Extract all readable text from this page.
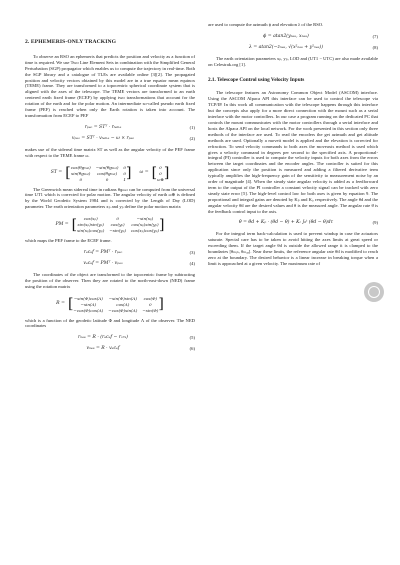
2. EPHEMERIS-ONLY TRACKING

To observe an RSO an ephemeris that predicts the position and velocity as a function of time is required. We use Two Line Element Sets in combination with the Simplified General Perturbation (SGP) propagator which enables us to compute the trajectory in real-time. Both the SGP library and a catalogue of TLEs are available online [3][2]. The propagated position and velocity vectors obtained by this model are in a true equator mean equinox (TEME) frame. They are transformed to a topocentric spherical coordinate system that is aligned with the axes of the telescope. The TEME vectors are transformed to an earth centered earth fixed frame (ECEF) by applying two transformations that account for the rotation of the earth and for the polar motion. An intermediate so-called pseudo earth fixed frame (PEF) is reached when only the Earth rotation is taken into account. The transformation from ECEF to PEF

rₚₑₒ = STᵀ · rₜₑₘₑ	(1)
vₚₑₒ = STᵀ · vₜₑₘₑ − ω × rₚₑₒ	(2)

makes use of the sidereal time matrix ST as well as the angular velocity of the PEF frame with respect to the TEME frame ω.

ST = [ cos(θɡₘₛₜ) −sin(θɡₘₛₜ) 0
sin(θɡₘₛₜ)	cos(θɡₘₛₜ)	0
0	0	1 ] ω = [ 0
0
ω⊕ ]

The Greenwich mean sidereal time in radians θɡₘₛₜ can be computed from the universal time UT1 which is corrected for polar motion. The angular velocity of earth ω⊕ is defined by the World Geodetic System 1984 and is corrected by the Length of Day (LOD) parameter. The earth orientation parameters xₚ and yₚ define the polar motion matrix

PM = [	cos(xₚ)	0	−sin(xₚ)
sin(xₚ)sin(yₚ)	cos(yₚ)	cos(xₚ)sin(yₚ)
sin(xₚ)cos(yₚ) −sin(yₚ) cos(xₚ)cos(yₚ) ]

which maps the PEF frame to the ECEF frame.

rₑcₑf = PMᵀ · rₚₑₒ	(3)
vₑcₑf = PMᵀ · vₚₑₒ	(4)

The coordinates of the object are transformed to the topocentric frame by subtracting the position of the observer. Then they are rotated to the north-east-down (NED) frame using the rotation matrix

R = [ −sin(Φ)cos(Λ) −sin(Φ)sin(Λ)	cos(Φ)
−sin(Λ)	cos(Λ)	0
−cos(Φ)cos(Λ) −cos(Φ)sin(Λ) −sin(Φ) ]

which is a function of the geodetic latitude Φ and longitude Λ of the observer. The NED coordinates

rₙₑₔ = R · (rₑcₑf − rₒ₇ₛ)	(5)
vₙₑₔ = R · vₑcₑf	(6)

are used to compute the azimuth ϕ and elevation λ of the RSO.

ϕ = atan2(yₙₑₔ, xₙₑₔ)	(7)
λ = atan2(−zₙₑₔ, √(x²ₙₑₔ + y²ₙₑₔ))	(8)

The earth orientation parameters xₚ, yₚ, LOD and (UT1 − UTC) are also made available on Celestrak.org [1].

2.1. Telescope Control using Velocity Inputs

The telescope features an Astronomy Common Object Model (ASCOM) interface. Using the ASCOM Alpaca API this interface can be used to control the telescope via TCP/IP. In this work all communication with the telescope happens through this interface but the concepts also apply for a more direct connection with the mount such as a serial interface with the motor controllers. In our case a program running on the dedicated PC that controls the mount communicates with the motor controllers through a serial interface and hosts the Alpaca API on the local network. For the work presented in this section only three methods of the interface are used. To read the encoders the get azimuth and get altitude methods are used. Optionally a moveit model is applied and the elevation is corrected for refraction. To send velocity commands to both axes the moveaxis method is used which gives a velocity command in degrees per second to the specified axis. A proportional-integral (PI) controller is used to compute the velocity inputs for both axes from the errors between the target coordinates and the encoder angles. The controller is suited for this application since only the position is measured and adding a filtered derivative term typically amplifies the high-frequency gain of the sensitivity to measurement noise by an order of magnitude [4]. When the steady state angular velocity is added as a feedforward term to the output of the PI controller a constant velocity signal can be tracked with zero steady state error [5]. The high-level control law for both axes is given by equation 9. The proportional and integral gains are denoted by Kₚ and Kᵢ, respectively. The angle θd and the angular velocity θ̇d are the desired values and θ is the measured angle. The angular rate θ̇ is the feedback control input to the axis.

θ̇ = θ̇d + Kₚ · (θd − θ) + Kᵢ ∫₀ᵗ (θd − θ)dτ	(9)

For the integral term back-calculation is used to prevent windup in case the actuators saturate. Special care has to be taken to avoid hitting the axes limits at great speed or exceeding them. If the target angle θd is outside the allowed range it is clamped to the boundaries [θₘᵢₙ, θₘₐₓ]. Near these limits, the reference angular rate θ̇d is modified to reach zero at the boundary. The desired behavior is a linear increase in breaking torque when a limit is approached at a given velocity. The maximum rate of
